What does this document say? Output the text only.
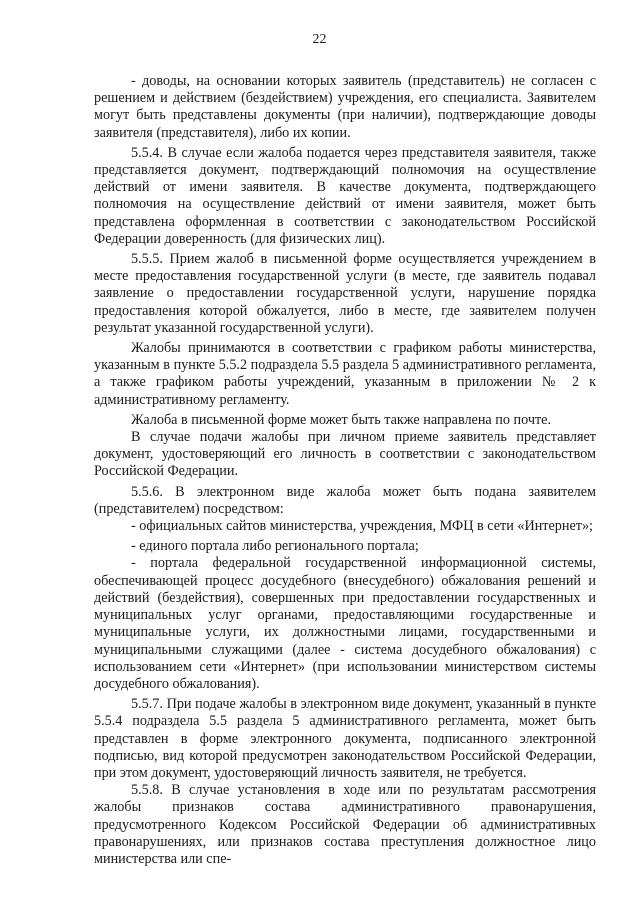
22

- доводы, на основании которых заявитель (представитель) не согласен с решением и действием (бездействием) учреждения, его специалиста. Заявителем могут быть представлены документы (при наличии), подтверждающие доводы заявителя (представителя), либо их копии.

5.5.4. В случае если жалоба подается через представителя заявителя, также представляется документ, подтверждающий полномочия на осуществление действий от имени заявителя. В качестве документа, подтверждающего полномочия на осуществление действий от имени заявителя, может быть представлена оформленная в соответствии с законодательством Российской Федерации доверенность (для физических лиц).

5.5.5. Прием жалоб в письменной форме осуществляется учреждением в месте предоставления государственной услуги (в месте, где заявитель подавал заявление о предоставлении государственной услуги, нарушение порядка предоставления которой обжалуется, либо в месте, где заявителем получен результат указанной государственной услуги).

Жалобы принимаются в соответствии с графиком работы министерства, указанным в пункте 5.5.2 подраздела 5.5 раздела 5 административного регламента, а также графиком работы учреждений, указанным в приложении № 2 к административному регламенту.

Жалоба в письменной форме может быть также направлена по почте.

В случае подачи жалобы при личном приеме заявитель представляет документ, удостоверяющий его личность в соответствии с законодательством Российской Федерации.

5.5.6. В электронном виде жалоба может быть подана заявителем (представителем) посредством:

- официальных сайтов министерства, учреждения, МФЦ в сети «Интернет»;

- единого портала либо регионального портала;

- портала федеральной государственной информационной системы, обеспечивающей процесс досудебного (внесудебного) обжалования решений и действий (бездействия), совершенных при предоставлении государственных и муниципальных услуг органами, предоставляющими государственные и муниципальные услуги, их должностными лицами, государственными и муниципальными служащими (далее - система досудебного обжалования) с использованием сети «Интернет» (при использовании министерством системы досудебного обжалования).

5.5.7. При подаче жалобы в электронном виде документ, указанный в пункте 5.5.4 подраздела 5.5 раздела 5 административного регламента, может быть представлен в форме электронного документа, подписанного электронной подписью, вид которой предусмотрен законодательством Российской Федерации, при этом документ, удостоверяющий личность заявителя, не требуется.

5.5.8. В случае установления в ходе или по результатам рассмотрения жалобы признаков состава административного правонарушения, предусмотренного Кодексом Российской Федерации об административных правонарушениях, или признаков состава преступления должностное лицо министерства или спе-
